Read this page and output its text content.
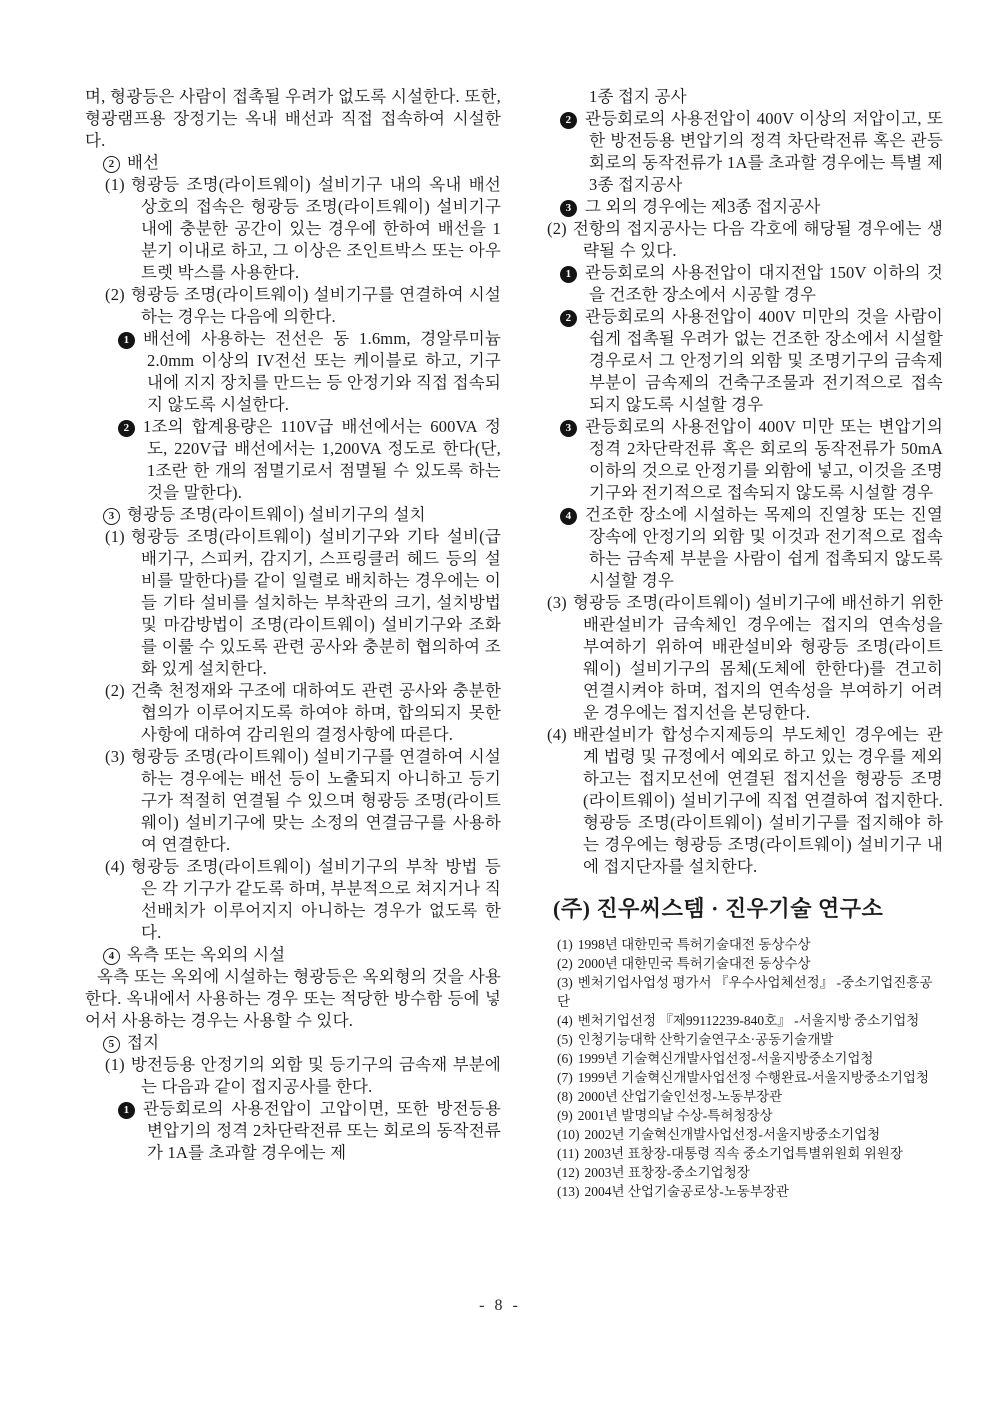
며, 형광등은 사람이 접촉될 우려가 없도록 시설한다. 또한, 형광램프용 장정기는 옥내 배선과 직접 접속하여 시설한다.
2 배선
(1) 형광등 조명(라이트웨이) 설비기구 내의 옥내 배선 상호의 접속은 형광등 조명(라이트웨이) 설비기구 내에 충분한 공간이 있는 경우에 한하여 배선을 1분기 이내로 하고, 그 이상은 조인트박스 또는 아우트렛 박스를 사용한다.
(2) 형광등 조명(라이트웨이) 설비기구를 연결하여 시설하는 경우는 다음에 의한다.
1 배선에 사용하는 전선은 동 1.6mm, 경알루미늄 2.0mm 이상의 IV전선 또는 케이블로 하고, 기구 내에 지지 장치를 만드는 등 안정기와 직접 접속되지 않도록 시설한다.
2 1조의 합계용량은 110V급 배선에서는 600VA 정도, 220V급 배선에서는 1,200VA 정도로 한다(단, 1조란 한 개의 점멸기로서 점멸될 수 있도록 하는 것을 말한다).
3 형광등 조명(라이트웨이) 설비기구의 설치
(1) 형광등 조명(라이트웨이) 설비기구와 기타 설비(급배기구, 스피커, 감지기, 스프링클러 헤드 등의 설비를 말한다)를 같이 일렬로 배치하는 경우에는 이들 기타 설비를 설치하는 부착관의 크기, 설치방법 및 마감방법이 조명(라이트웨이) 설비기구와 조화를 이룰 수 있도록 관련 공사와 충분히 협의하여 조화 있게 설치한다.
(2) 건축 천정재와 구조에 대하여도 관련 공사와 충분한 협의가 이루어지도록 하여야 하며, 합의되지 못한 사항에 대하여 감리원의 결정사항에 따른다.
(3) 형광등 조명(라이트웨이) 설비기구를 연결하여 시설하는 경우에는 배선 등이 노출되지 아니하고 등기구가 적절히 연결될 수 있으며 형광등 조명(라이트웨이) 설비기구에 맞는 소정의 연결금구를 사용하여 연결한다.
(4) 형광등 조명(라이트웨이) 설비기구의 부착 방법 등은 각 기구가 같도록 하며, 부분적으로 쳐지거나 직선배치가 이루어지지 아니하는 경우가 없도록 한다.
4 옥측 또는 옥외의 시설
옥측 또는 옥외에 시설하는 형광등은 옥외형의 것을 사용한다. 옥내에서 사용하는 경우 또는 적당한 방수함 등에 넣어서 사용하는 경우는 사용할 수 있다.
5 접지
(1) 방전등용 안정기의 외함 및 등기구의 금속재 부분에는 다음과 같이 접지공사를 한다.
1 관등회로의 사용전압이 고압이면, 또한 방전등용 변압기의 정격 2차단락전류 또는 회로의 동작전류가 1A를 초과할 경우에는 제
1종 접지 공사
2 관등회로의 사용전압이 400V 이상의 저압이고, 또한 방전등용 변압기의 정격 차단락전류 혹은 관등회로의 동작전류가 1A를 초과할 경우에는 특별 제3종 접지공사
3 그 외의 경우에는 제3종 접지공사
(2) 전항의 접지공사는 다음 각호에 해당될 경우에는 생략될 수 있다.
1 관등회로의 사용전압이 대지전압 150V 이하의 것을 건조한 장소에서 시공할 경우
2 관등회로의 사용전압이 400V 미만의 것을 사람이 쉽게 접촉될 우려가 없는 건조한 장소에서 시설할 경우로서 그 안정기의 외함 및 조명기구의 금속제 부분이 금속제의 건축구조물과 전기적으로 접속되지 않도록 시설할 경우
3 관등회로의 사용전압이 400V 미만 또는 변압기의 정격 2차단락전류 혹은 회로의 동작전류가 50mA 이하의 것으로 안정기를 외함에 넣고, 이것을 조명기구와 전기적으로 접속되지 않도록 시설할 경우
4 건조한 장소에 시설하는 목제의 진열창 또는 진열장속에 안정기의 외함 및 이것과 전기적으로 접속하는 금속제 부분을 사람이 쉽게 접촉되지 않도록 시설할 경우
(3) 형광등 조명(라이트웨이) 설비기구에 배선하기 위한 배관설비가 금속체인 경우에는 접지의 연속성을 부여하기 위하여 배관설비와 형광등 조명(라이트웨이) 설비기구의 몸체(도체에 한한다)를 견고히 연결시켜야 하며, 접지의 연속성을 부여하기 어려운 경우에는 접지선을 본딩한다.
(4) 배관설비가 합성수지제등의 부도체인 경우에는 관계 법령 및 규정에서 예외로 하고 있는 경우를 제외하고는 접지모선에 연결된 접지선을 형광등 조명 (라이트웨이) 설비기구에 직접 연결하여 접지한다. 형광등 조명(라이트웨이) 설비기구를 접지해야 하는 경우에는 형광등 조명(라이트웨이) 설비기구 내에 접지단자를 설치한다.
(주) 진우씨스템 · 진우기술 연구소
(1) 1998년 대한민국 특허기술대전 동상수상
(2) 2000년 대한민국 특허기술대전 동상수상
(3) 벤처기업사업성 평가서 『우수사업체선정』 -중소기업진흥공단
(4) 벤처기업선정 『제99112239-840호』 -서울지방 중소기업청
(5) 인청기능대학 산학기술연구소·공동기술개발
(6) 1999년 기술혁신개발사업선정-서울지방중소기업청
(7) 1999년 기술혁신개발사업선정 수행완료-서울지방중소기업청
(8) 2000년 산업기술인선정-노동부장관
(9) 2001년 발명의날 수상-특허청장상
(10) 2002년 기술혁신개발사업선정-서울지방중소기업청
(11) 2003년 표창장-대통령 직속 중소기업특별위원회 위원장
(12) 2003년 표창장-중소기업청장
(13) 2004년 산업기술공로상-노동부장관
- 8 -
